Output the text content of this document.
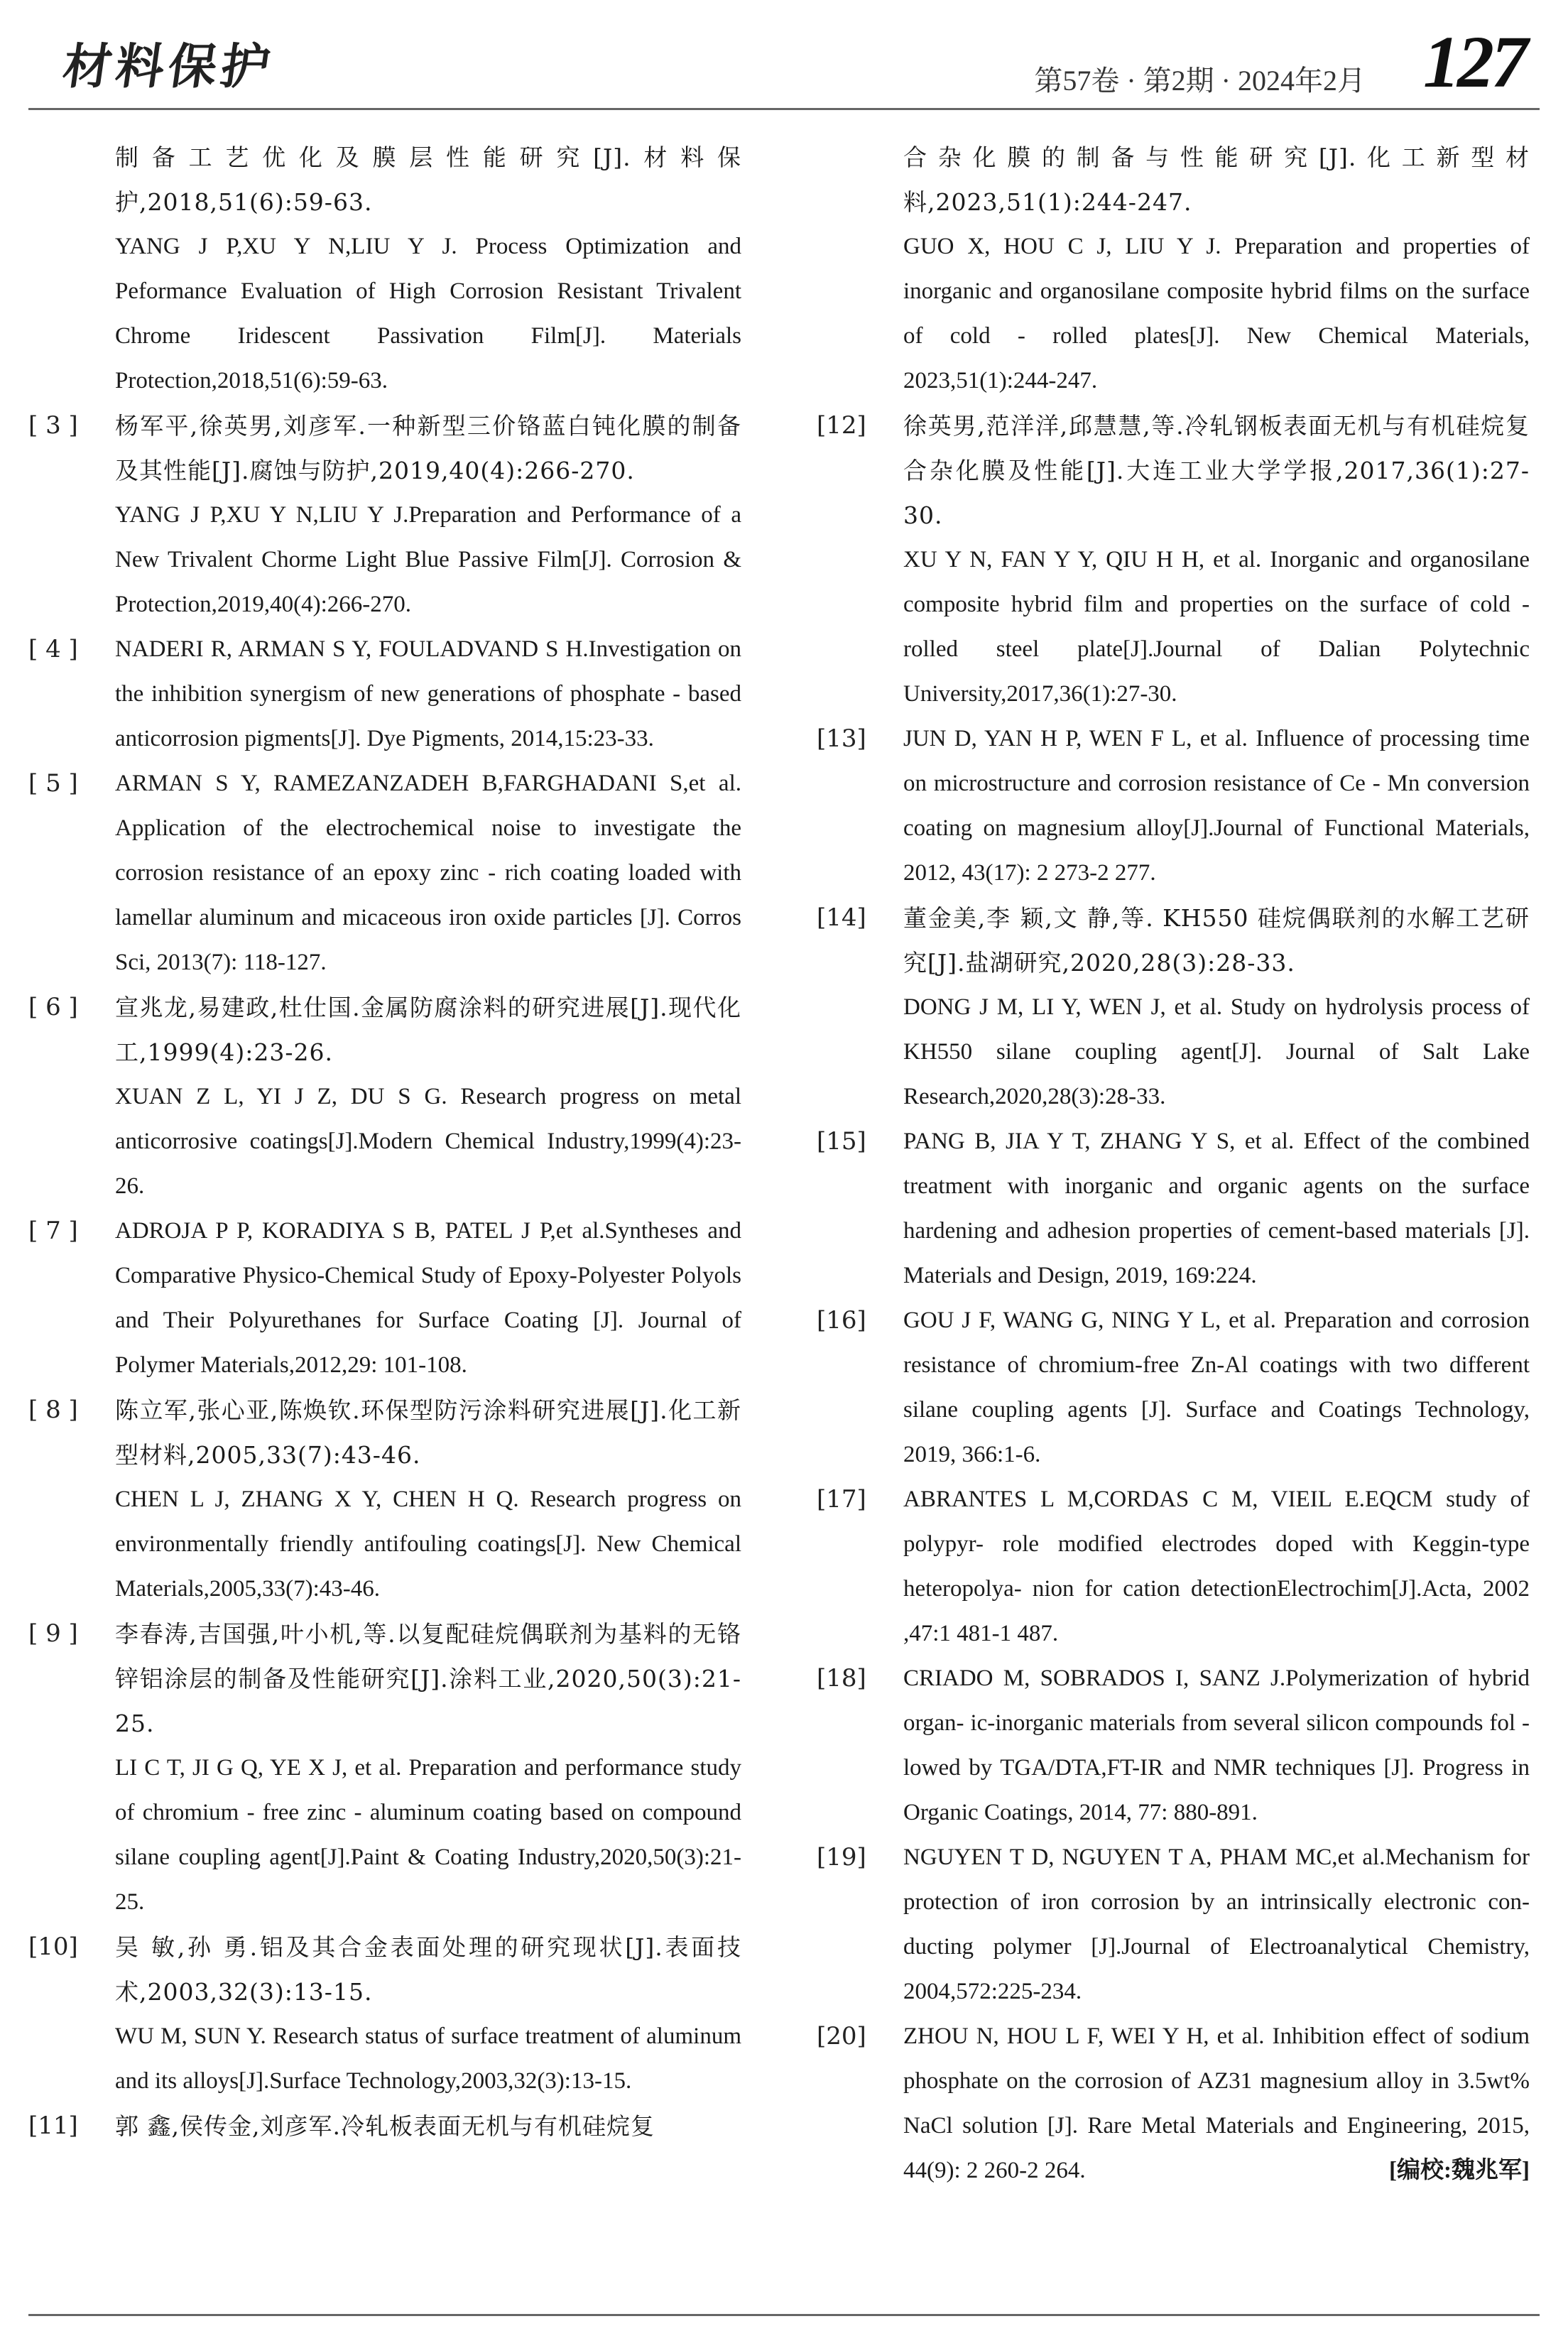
材料保护	第57卷 · 第2期 · 2024年2月 127

制备工艺优化及膜层性能研究[J].材料保护,2018,51(6):59-63.

YANG J P,XU Y N,LIU Y J. Process Optimization and Peformance Evaluation of High Corrosion Resistant Trivalent Chrome Iridescent Passivation Film[J]. Materials Protection,2018,51(6):59-63.

[ 3 ] 杨军平,徐英男,刘彦军.一种新型三价铬蓝白钝化膜的制备及其性能[J].腐蚀与防护,2019,40(4):266-270.

YANG J P,XU Y N,LIU Y J.Preparation and Performance of a New Trivalent Chorme Light Blue Passive Film[J]. Corrosion & Protection,2019,40(4):266-270.

[ 4 ] NADERI R, ARMAN S Y, FOULADVAND S H.Investigation on the inhibition synergism of new generations of phosphate - based anticorrosion pigments[J]. Dye Pigments, 2014,15:23-33.

[ 5 ] ARMAN S Y, RAMEZANZADEH B,FARGHADANI S,et al. Application of the electrochemical noise to investigate the corrosion resistance of an epoxy zinc - rich coating loaded with lamellar aluminum and micaceous iron oxide particles [J]. Corros Sci, 2013(7): 118-127.

[ 6 ] 宣兆龙,易建政,杜仕国.金属防腐涂料的研究进展[J].现代化工,1999(4):23-26.

XUAN Z L, YI J Z, DU S G. Research progress on metal anticorrosive coatings[J].Modern Chemical Industry,1999(4):23-26.

[ 7 ] ADROJA P P, KORADIYA S B, PATEL J P,et al.Syntheses and Comparative Physico-Chemical Study of Epoxy-Polyester Polyols and Their Polyurethanes for Surface Coating [J]. Journal of Polymer Materials,2012,29: 101-108.

[ 8 ] 陈立军,张心亚,陈焕钦.环保型防污涂料研究进展[J].化工新型材料,2005,33(7):43-46.

CHEN L J, ZHANG X Y, CHEN H Q. Research progress on environmentally friendly antifouling coatings[J]. New Chemical Materials,2005,33(7):43-46.

[ 9 ] 李春涛,吉国强,叶小机,等.以复配硅烷偶联剂为基料的无铬锌铝涂层的制备及性能研究[J].涂料工业,2020,50(3):21-25.

LI C T, JI G Q, YE X J, et al. Preparation and performance study of chromium - free zinc - aluminum coating based on compound silane coupling agent[J].Paint & Coating Industry,2020,50(3):21-25.

[10] 吴 敏,孙 勇.铝及其合金表面处理的研究现状[J].表面技术,2003,32(3):13-15.

WU M, SUN Y. Research status of surface treatment of aluminum and its alloys[J].Surface Technology,2003,32(3):13-15.

[11] 郭 鑫,侯传金,刘彦军.冷轧板表面无机与有机硅烷复

合杂化膜的制备与性能研究[J].化工新型材料,2023,51(1):244-247.

GUO X, HOU C J, LIU Y J. Preparation and properties of inorganic and organosilane composite hybrid films on the surface of cold - rolled plates[J]. New Chemical Materials, 2023,51(1):244-247.

[12] 徐英男,范洋洋,邱慧慧,等.冷轧钢板表面无机与有机硅烷复合杂化膜及性能[J].大连工业大学学报,2017,36(1):27-30.

XU Y N, FAN Y Y, QIU H H, et al. Inorganic and organosilane composite hybrid film and properties on the surface of cold - rolled steel plate[J].Journal of Dalian Polytechnic University,2017,36(1):27-30.

[13] JUN D, YAN H P, WEN F L, et al. Influence of processing time on microstructure and corrosion resistance of Ce - Mn conversion coating on magnesium alloy[J].Journal of Functional Materials, 2012, 43(17): 2 273-2 277.

[14] 董金美,李 颖,文 静,等. KH550 硅烷偶联剂的水解工艺研究[J].盐湖研究,2020,28(3):28-33.

DONG J M, LI Y, WEN J, et al. Study on hydrolysis process of KH550 silane coupling agent[J]. Journal of Salt Lake Research,2020,28(3):28-33.

[15] PANG B, JIA Y T, ZHANG Y S, et al. Effect of the combined treatment with inorganic and organic agents on the surface hardening and adhesion properties of cement-based materials [J]. Materials and Design, 2019, 169:224.

[16] GOU J F, WANG G, NING Y L, et al. Preparation and corrosion resistance of chromium-free Zn-Al coatings with two different silane coupling agents [J]. Surface and Coatings Technology, 2019, 366:1-6.

[17] ABRANTES L M,CORDAS C M, VIEIL E.EQCM study of polypyr- role modified electrodes doped with Keggin-type heteropolya- nion for cation detectionElectrochim[J].Acta, 2002 ,47:1 481-1 487.

[18] CRIADO M, SOBRADOS I, SANZ J.Polymerization of hybrid organ- ic-inorganic materials from several silicon compounds fol - lowed by TGA/DTA,FT-IR and NMR techniques [J]. Progress in Organic Coatings, 2014, 77: 880-891.

[19] NGUYEN T D, NGUYEN T A, PHAM MC,et al.Mechanism for protection of iron corrosion by an intrinsically electronic con- ducting polymer [J].Journal of Electroanalytical Chemistry, 2004,572:225-234.

[20] ZHOU N, HOU L F, WEI Y H, et al. Inhibition effect of sodium phosphate on the corrosion of AZ31 magnesium alloy in 3.5wt% NaCl solution [J]. Rare Metal Materials and Engineering, 2015, 44(9): 2 260-2 264.	[编校:魏兆军]
